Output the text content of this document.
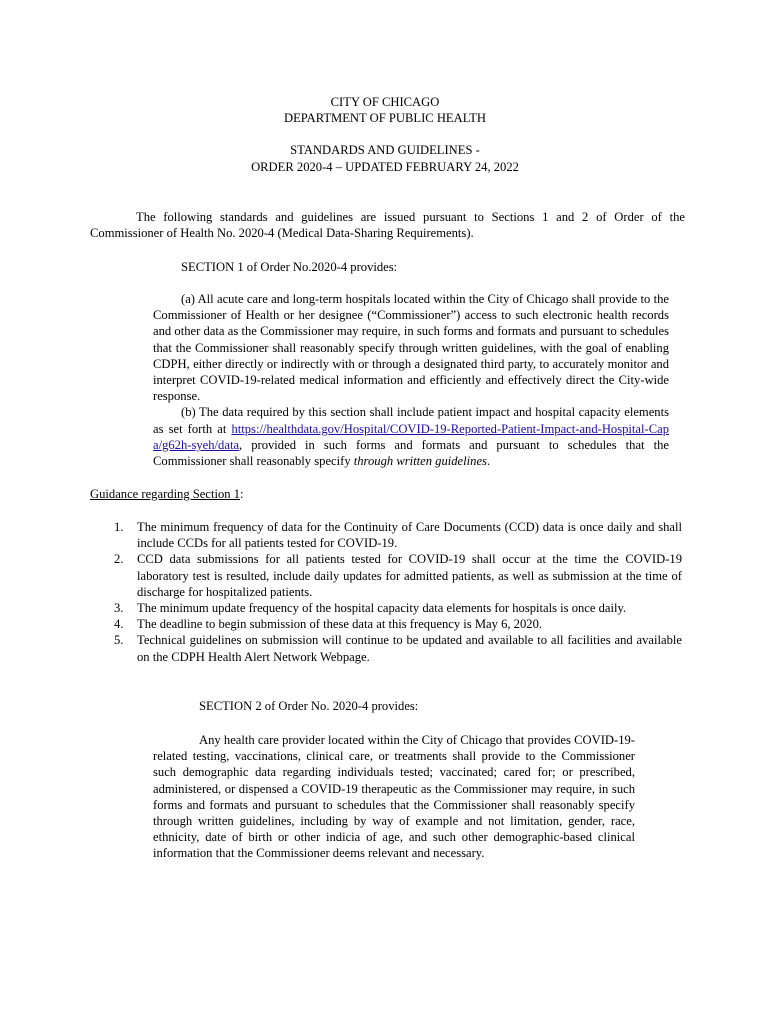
CITY OF CHICAGO
DEPARTMENT OF PUBLIC HEALTH
STANDARDS AND GUIDELINES -
ORDER 2020-4 – UPDATED FEBRUARY 24, 2022
The following standards and guidelines are issued pursuant to Sections 1 and 2 of Order of the
Commissioner of Health No. 2020-4 (Medical Data-Sharing Requirements).
SECTION 1 of Order No.2020-4 provides:
(a) All acute care and long-term hospitals located within the City of Chicago shall provide to the Commissioner of Health or her designee (“Commissioner”) access to such electronic health records and other data as the Commissioner may require, in such forms and formats and pursuant to schedules that the Commissioner shall reasonably specify through written guidelines, with the goal of enabling CDPH, either directly or indirectly with or through a designated third party, to accurately monitor and interpret COVID-19-related medical information and efficiently and effectively direct the City-wide response.
(b) The data required by this section shall include patient impact and hospital capacity elements as set forth at https://healthdata.gov/Hospital/COVID-19-Reported-Patient-Impact-and-Hospital-Capa/g62h-syeh/data, provided in such forms and formats and pursuant to schedules that the Commissioner shall reasonably specify through written guidelines.
Guidance regarding Section 1:
1. The minimum frequency of data for the Continuity of Care Documents (CCD) data is once daily and shall include CCDs for all patients tested for COVID-19.
2. CCD data submissions for all patients tested for COVID-19 shall occur at the time the COVID-19 laboratory test is resulted, include daily updates for admitted patients, as well as submission at the time of discharge for hospitalized patients.
3. The minimum update frequency of the hospital capacity data elements for hospitals is once daily.
4. The deadline to begin submission of these data at this frequency is May 6, 2020.
5. Technical guidelines on submission will continue to be updated and available to all facilities and available on the CDPH Health Alert Network Webpage.
SECTION 2 of Order No. 2020-4 provides:
Any health care provider located within the City of Chicago that provides COVID-19-related testing, vaccinations, clinical care, or treatments shall provide to the Commissioner such demographic data regarding individuals tested; vaccinated; cared for; or prescribed, administered, or dispensed a COVID-19 therapeutic as the Commissioner may require, in such forms and formats and pursuant to schedules that the Commissioner shall reasonably specify through written guidelines, including by way of example and not limitation, gender, race, ethnicity, date of birth or other indicia of age, and such other demographic-based clinical information that the Commissioner deems relevant and necessary.
